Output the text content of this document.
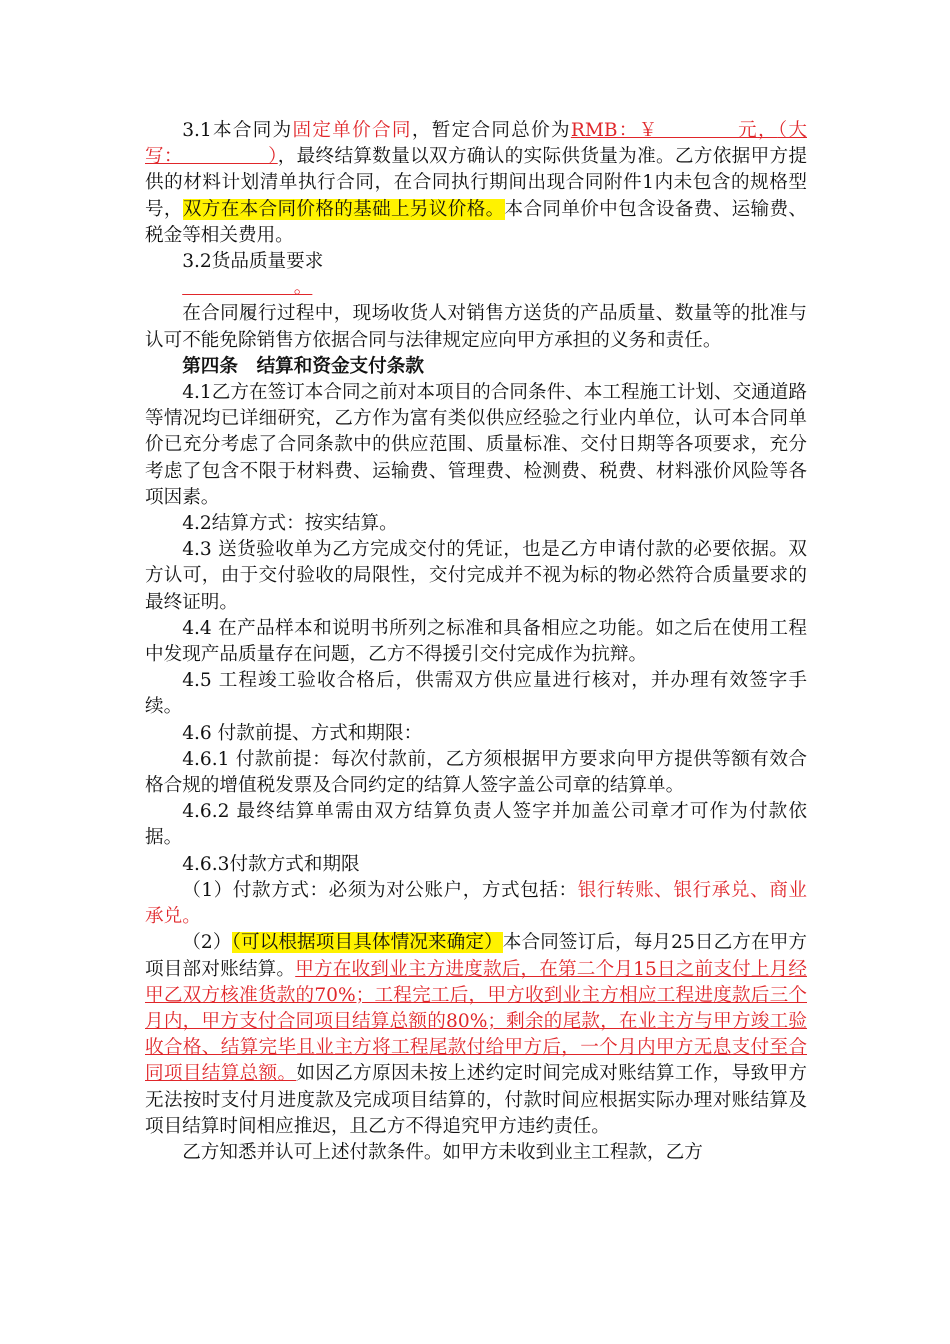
3.1本合同为固定单价合同，暂定合同总价为RMB：￥　　　　元，（大写：　　　　　），最终结算数量以双方确认的实际供货量为准。乙方依据甲方提供的材料计划清单执行合同，在合同执行期间出现合同附件1内未包含的规格型号，双方在本合同价格的基础上另议价格。本合同单价中包含设备费、运输费、税金等相关费用。

3.2货品质量要求

　　　　　　。

在合同履行过程中，现场收货人对销售方送货的产品质量、数量等的批准与认可不能免除销售方依据合同与法律规定应向甲方承担的义务和责任。

第四条　结算和资金支付条款

4.1乙方在签订本合同之前对本项目的合同条件、本工程施工计划、交通道路等情况均已详细研究，乙方作为富有类似供应经验之行业内单位，认可本合同单价已充分考虑了合同条款中的供应范围、质量标准、交付日期等各项要求，充分考虑了包含不限于材料费、运输费、管理费、检测费、税费、材料涨价风险等各项因素。

4.2结算方式：按实结算。

4.3 送货验收单为乙方完成交付的凭证，也是乙方申请付款的必要依据。双方认可，由于交付验收的局限性，交付完成并不视为标的物必然符合质量要求的最终证明。

4.4 在产品样本和说明书所列之标准和具备相应之功能。如之后在使用工程中发现产品质量存在问题，乙方不得援引交付完成作为抗辩。

4.5 工程竣工验收合格后，供需双方供应量进行核对，并办理有效签字手续。

4.6 付款前提、方式和期限：

4.6.1 付款前提：每次付款前，乙方须根据甲方要求向甲方提供等额有效合格合规的增值税发票及合同约定的结算人签字盖公司章的结算单。

4.6.2 最终结算单需由双方结算负责人签字并加盖公司章才可作为付款依据。

4.6.3付款方式和期限

（1）付款方式：必须为对公账户，方式包括：银行转账、银行承兑、商业承兑。

（2）（可以根据项目具体情况来确定）本合同签订后，每月25日乙方在甲方项目部对账结算。甲方在收到业主方进度款后，在第二个月15日之前支付上月经甲乙双方核准货款的70%；工程完工后，甲方收到业主方相应工程进度款后三个月内，甲方支付合同项目结算总额的80%；剩余的尾款，在业主方与甲方竣工验收合格、结算完毕且业主方将工程尾款付给甲方后，一个月内甲方无息支付至合同项目结算总额。如因乙方原因未按上述约定时间完成对账结算工作，导致甲方无法按时支付月进度款及完成项目结算的，付款时间应根据实际办理对账结算及项目结算时间相应推迟，且乙方不得追究甲方违约责任。

乙方知悉并认可上述付款条件。如甲方未收到业主工程款，乙方
